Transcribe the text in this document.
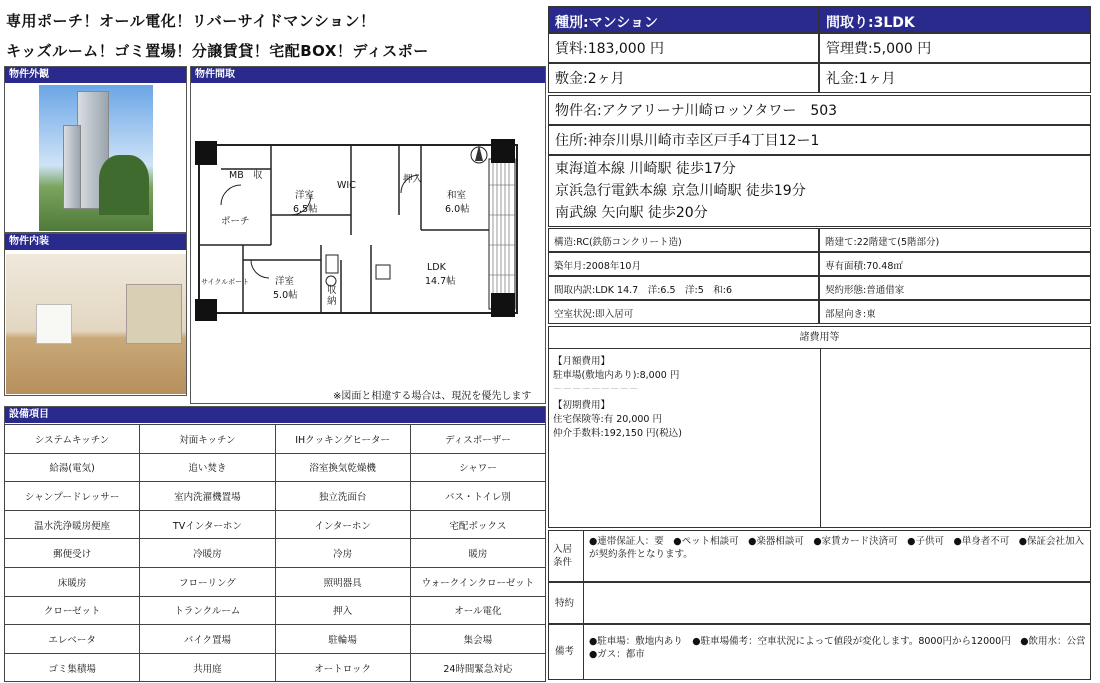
専用ポーチ！オール電化！リバーサイドマンション！
キッズルーム！ゴミ置場！分譲賃貸！宅配BOX！ディスポー
物件外観
物件内装
物件間取
MB 収
洋室
6.5帖
WIC
押入
和室
6.0帖
ポーチ
サイクルポート	洋室
5.0帖
LDK
14.7帖
収納
※図面と相違する場合は、現況を優先します
設備項目
システムキッチン	対面キッチン	IHクッキングヒーター	ディスポーザー
給湯(電気)	追い焚き	浴室換気乾燥機	シャワー
シャンプードレッサー	室内洗濯機置場	独立洗面台	バス・トイレ別
温水洗浄暖房便座	TVインターホン	インターホン	宅配ボックス
郵便受け	冷暖房	冷房	暖房
床暖房	フローリング	照明器具	ウォークインクローゼット
クローゼット	トランクルーム	押入	オール電化
エレベータ	バイク置場	駐輪場	集会場
ゴミ集積場	共用庭	オートロック	24時間緊急対応
種別:マンション	間取り:3LDK
賃料:183,000 円	管理費:5,000 円
敷金:2ヶ月	礼金:1ヶ月
物件名:アクアリーナ川崎ロッソタワー　503
住所:神奈川県川崎市幸区戸手4丁目12ー1
東海道本線 川崎駅 徒歩17分
京浜急行電鉄本線 京急川崎駅 徒歩19分
南武線 矢向駅 徒歩20分
構造:RC(鉄筋コンクリート造)	階建て:22階建て(5階部分)
築年月:2008年10月	専有面積:70.48㎡
間取内訳:LDK 14.7　洋:6.5　洋:5　和:6	契約形態:普通借家
空室状況:即入居可	部屋向き:東
諸費用等
【月額費用】
駐車場(敷地内あり):8,000 円
－－－－－－－－－
【初期費用】
住宅保険等:有 20,000 円
仲介手数料:192,150 円(税込)
入居条件
●連帯保証人：要　●ペット相談可　●楽器相談可　●家賃カード決済可　●子供可　●単身者不可　●保証会社加入が契約条件となります。
特約
備考
●駐車場：敷地内あり　●駐車場備考：空車状況によって値段が変化します。8000円から12000円　●飲用水：公営　●ガス：都市
